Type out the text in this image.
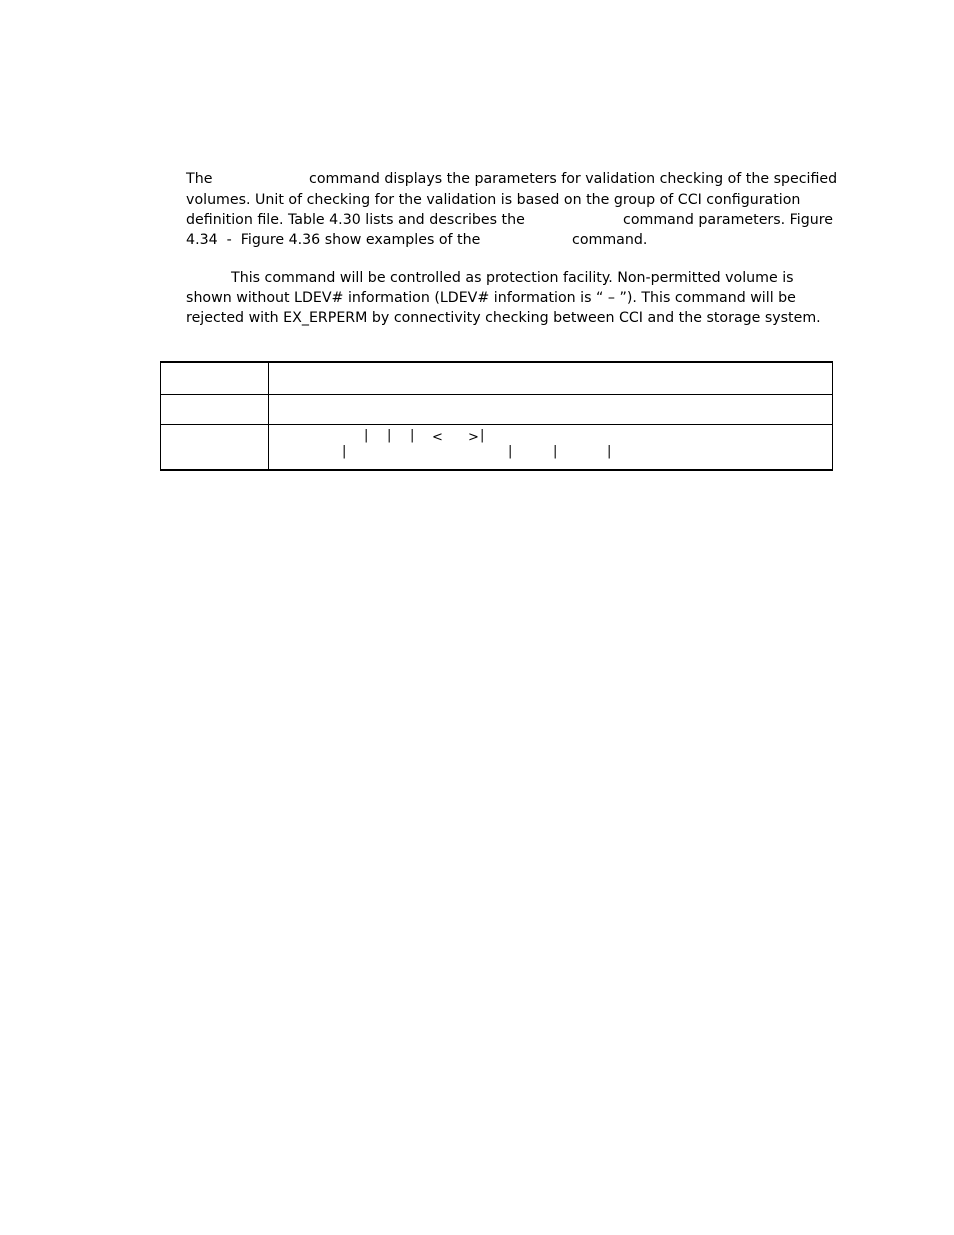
The
	command displays the parameters for validation checking of the specified

volumes. Unit of checking for the validation is based on the group of CCI configuration

definition file. Table 4.30 lists and describes the
	command parameters. Figure

4.34  -  Figure 4.36 show examples of the
	command.

This command will be controlled as protection facility. Non-permitted volume is

shown without LDEV# information (LDEV# information is “ – ”). This command will be

rejected with EX_ERPERM by connectivity checking between CCI and the storage system.

| | | < > |
|	|	|	|
